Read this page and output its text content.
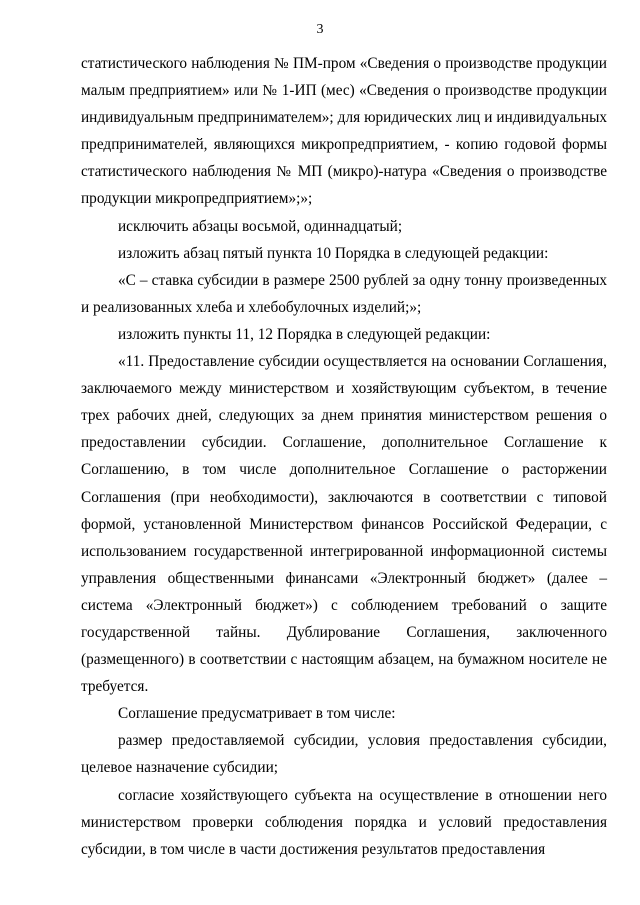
3

статистического наблюдения № ПМ-пром «Сведения о производстве продукции малым предприятием» или № 1-ИП (мес) «Сведения о производстве продукции индивидуальным предпринимателем»; для юридических лиц и индивидуальных предпринимателей, являющихся микропредприятием, - копию годовой формы статистического наблюдения № МП (микро)-натура «Сведения о производстве продукции микропредприятием»;»;

исключить абзацы восьмой, одиннадцатый;

изложить абзац пятый пункта 10 Порядка в следующей редакции:

«С – ставка субсидии в размере 2500 рублей за одну тонну произведенных и реализованных хлеба и хлебобулочных изделий;»;

изложить пункты 11, 12 Порядка в следующей редакции:

«11. Предоставление субсидии осуществляется на основании Соглашения, заключаемого между министерством и хозяйствующим субъектом, в течение трех рабочих дней, следующих за днем принятия министерством решения о предоставлении субсидии. Соглашение, дополнительное Соглашение к Соглашению, в том числе дополнительное Соглашение о расторжении Соглашения (при необходимости), заключаются в соответствии с типовой формой, установленной Министерством финансов Российской Федерации, с использованием государственной интегрированной информационной системы управления общественными финансами «Электронный бюджет» (далее – система «Электронный бюджет») с соблюдением требований о защите государственной тайны. Дублирование Соглашения, заключенного (размещенного) в соответствии с настоящим абзацем, на бумажном носителе не требуется.

Соглашение предусматривает в том числе:

размер предоставляемой субсидии, условия предоставления субсидии, целевое назначение субсидии;

согласие хозяйствующего субъекта на осуществление в отношении него министерством проверки соблюдения порядка и условий предоставления субсидии, в том числе в части достижения результатов предоставления
